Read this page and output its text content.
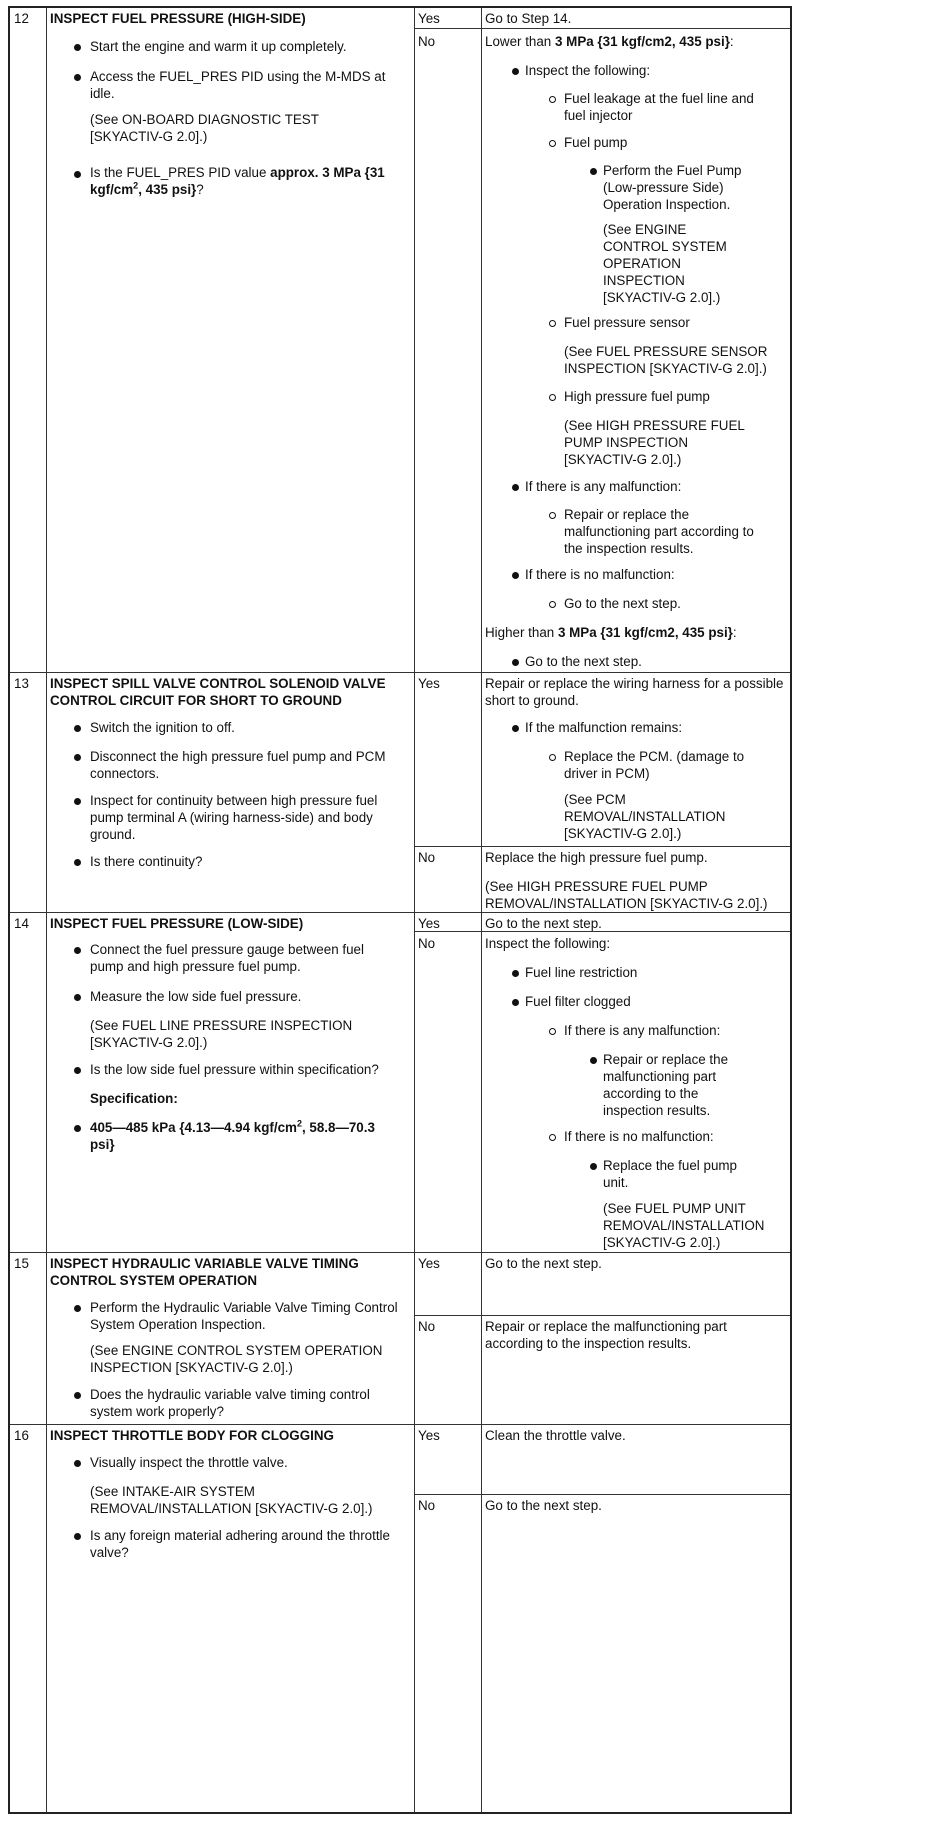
12 INSPECT FUEL PRESSURE (HIGH-SIDE)
Start the engine and warm it up completely.
Access the FUEL_PRES PID using the M-MDS at idle.
(See ON-BOARD DIAGNOSTIC TEST [SKYACTIV-G 2.0].)
Is the FUEL_PRES PID value approx. 3 MPa {31 kgf/$cm^2$, 435 psi}?
Yes	Go to Step 14.
No	Lower than 3 MPa {31 kgf/cm2, 435 psi}:
Inspect the following:
Fuel leakage at the fuel line and fuel injector
Fuel pump
Perform the Fuel Pump (Low-pressure Side) Operation Inspection.
(See ENGINE CONTROL SYSTEM OPERATION INSPECTION [SKYACTIV-G 2.0].)
Fuel pressure sensor
(See FUEL PRESSURE SENSOR INSPECTION [SKYACTIV-G 2.0].)
High pressure fuel pump
(See HIGH PRESSURE FUEL PUMP INSPECTION [SKYACTIV-G 2.0].)
If there is any malfunction:
Repair or replace the malfunctioning part according to the inspection results.
If there is no malfunction:
Go to the next step.
Higher than 3 MPa {31 kgf/cm2, 435 psi}:
Go to the next step.
13 INSPECT SPILL VALVE CONTROL SOLENOID VALVE CONTROL CIRCUIT FOR SHORT TO GROUND
Switch the ignition to off.
Disconnect the high pressure fuel pump and PCM connectors.
Inspect for continuity between high pressure fuel pump terminal A (wiring harness-side) and body ground.
Is there continuity?
Yes	Repair or replace the wiring harness for a possible short to ground.
If the malfunction remains:
Replace the PCM. (damage to driver in PCM)
(See PCM REMOVAL/INSTALLATION [SKYACTIV-G 2.0].)
No	Replace the high pressure fuel pump.
(See HIGH PRESSURE FUEL PUMP REMOVAL/INSTALLATION [SKYACTIV-G 2.0].)
14 INSPECT FUEL PRESSURE (LOW-SIDE)
Connect the fuel pressure gauge between fuel pump and high pressure fuel pump.
Measure the low side fuel pressure.
(See FUEL LINE PRESSURE INSPECTION [SKYACTIV-G 2.0].)
Is the low side fuel pressure within specification?
Specification:
405—485 kPa {4.13—4.94 kgf/$cm^2$, 58.8—70.3 psi}
Yes	Go to the next step.
No	Inspect the following:
Fuel line restriction
Fuel filter clogged
If there is any malfunction:
Repair or replace the malfunctioning part according to the inspection results.
If there is no malfunction:
Replace the fuel pump unit.
(See FUEL PUMP UNIT REMOVAL/INSTALLATION [SKYACTIV-G 2.0].)
15 INSPECT HYDRAULIC VARIABLE VALVE TIMING CONTROL SYSTEM OPERATION
Perform the Hydraulic Variable Valve Timing Control System Operation Inspection.
(See ENGINE CONTROL SYSTEM OPERATION INSPECTION [SKYACTIV-G 2.0].)
Does the hydraulic variable valve timing control system work properly?
Yes	Go to the next step.
No	Repair or replace the malfunctioning part according to the inspection results.
16 INSPECT THROTTLE BODY FOR CLOGGING
Visually inspect the throttle valve.
(See INTAKE-AIR SYSTEM REMOVAL/INSTALLATION [SKYACTIV-G 2.0].)
Is any foreign material adhering around the throttle valve?
Yes	Clean the throttle valve.
No	Go to the next step.
